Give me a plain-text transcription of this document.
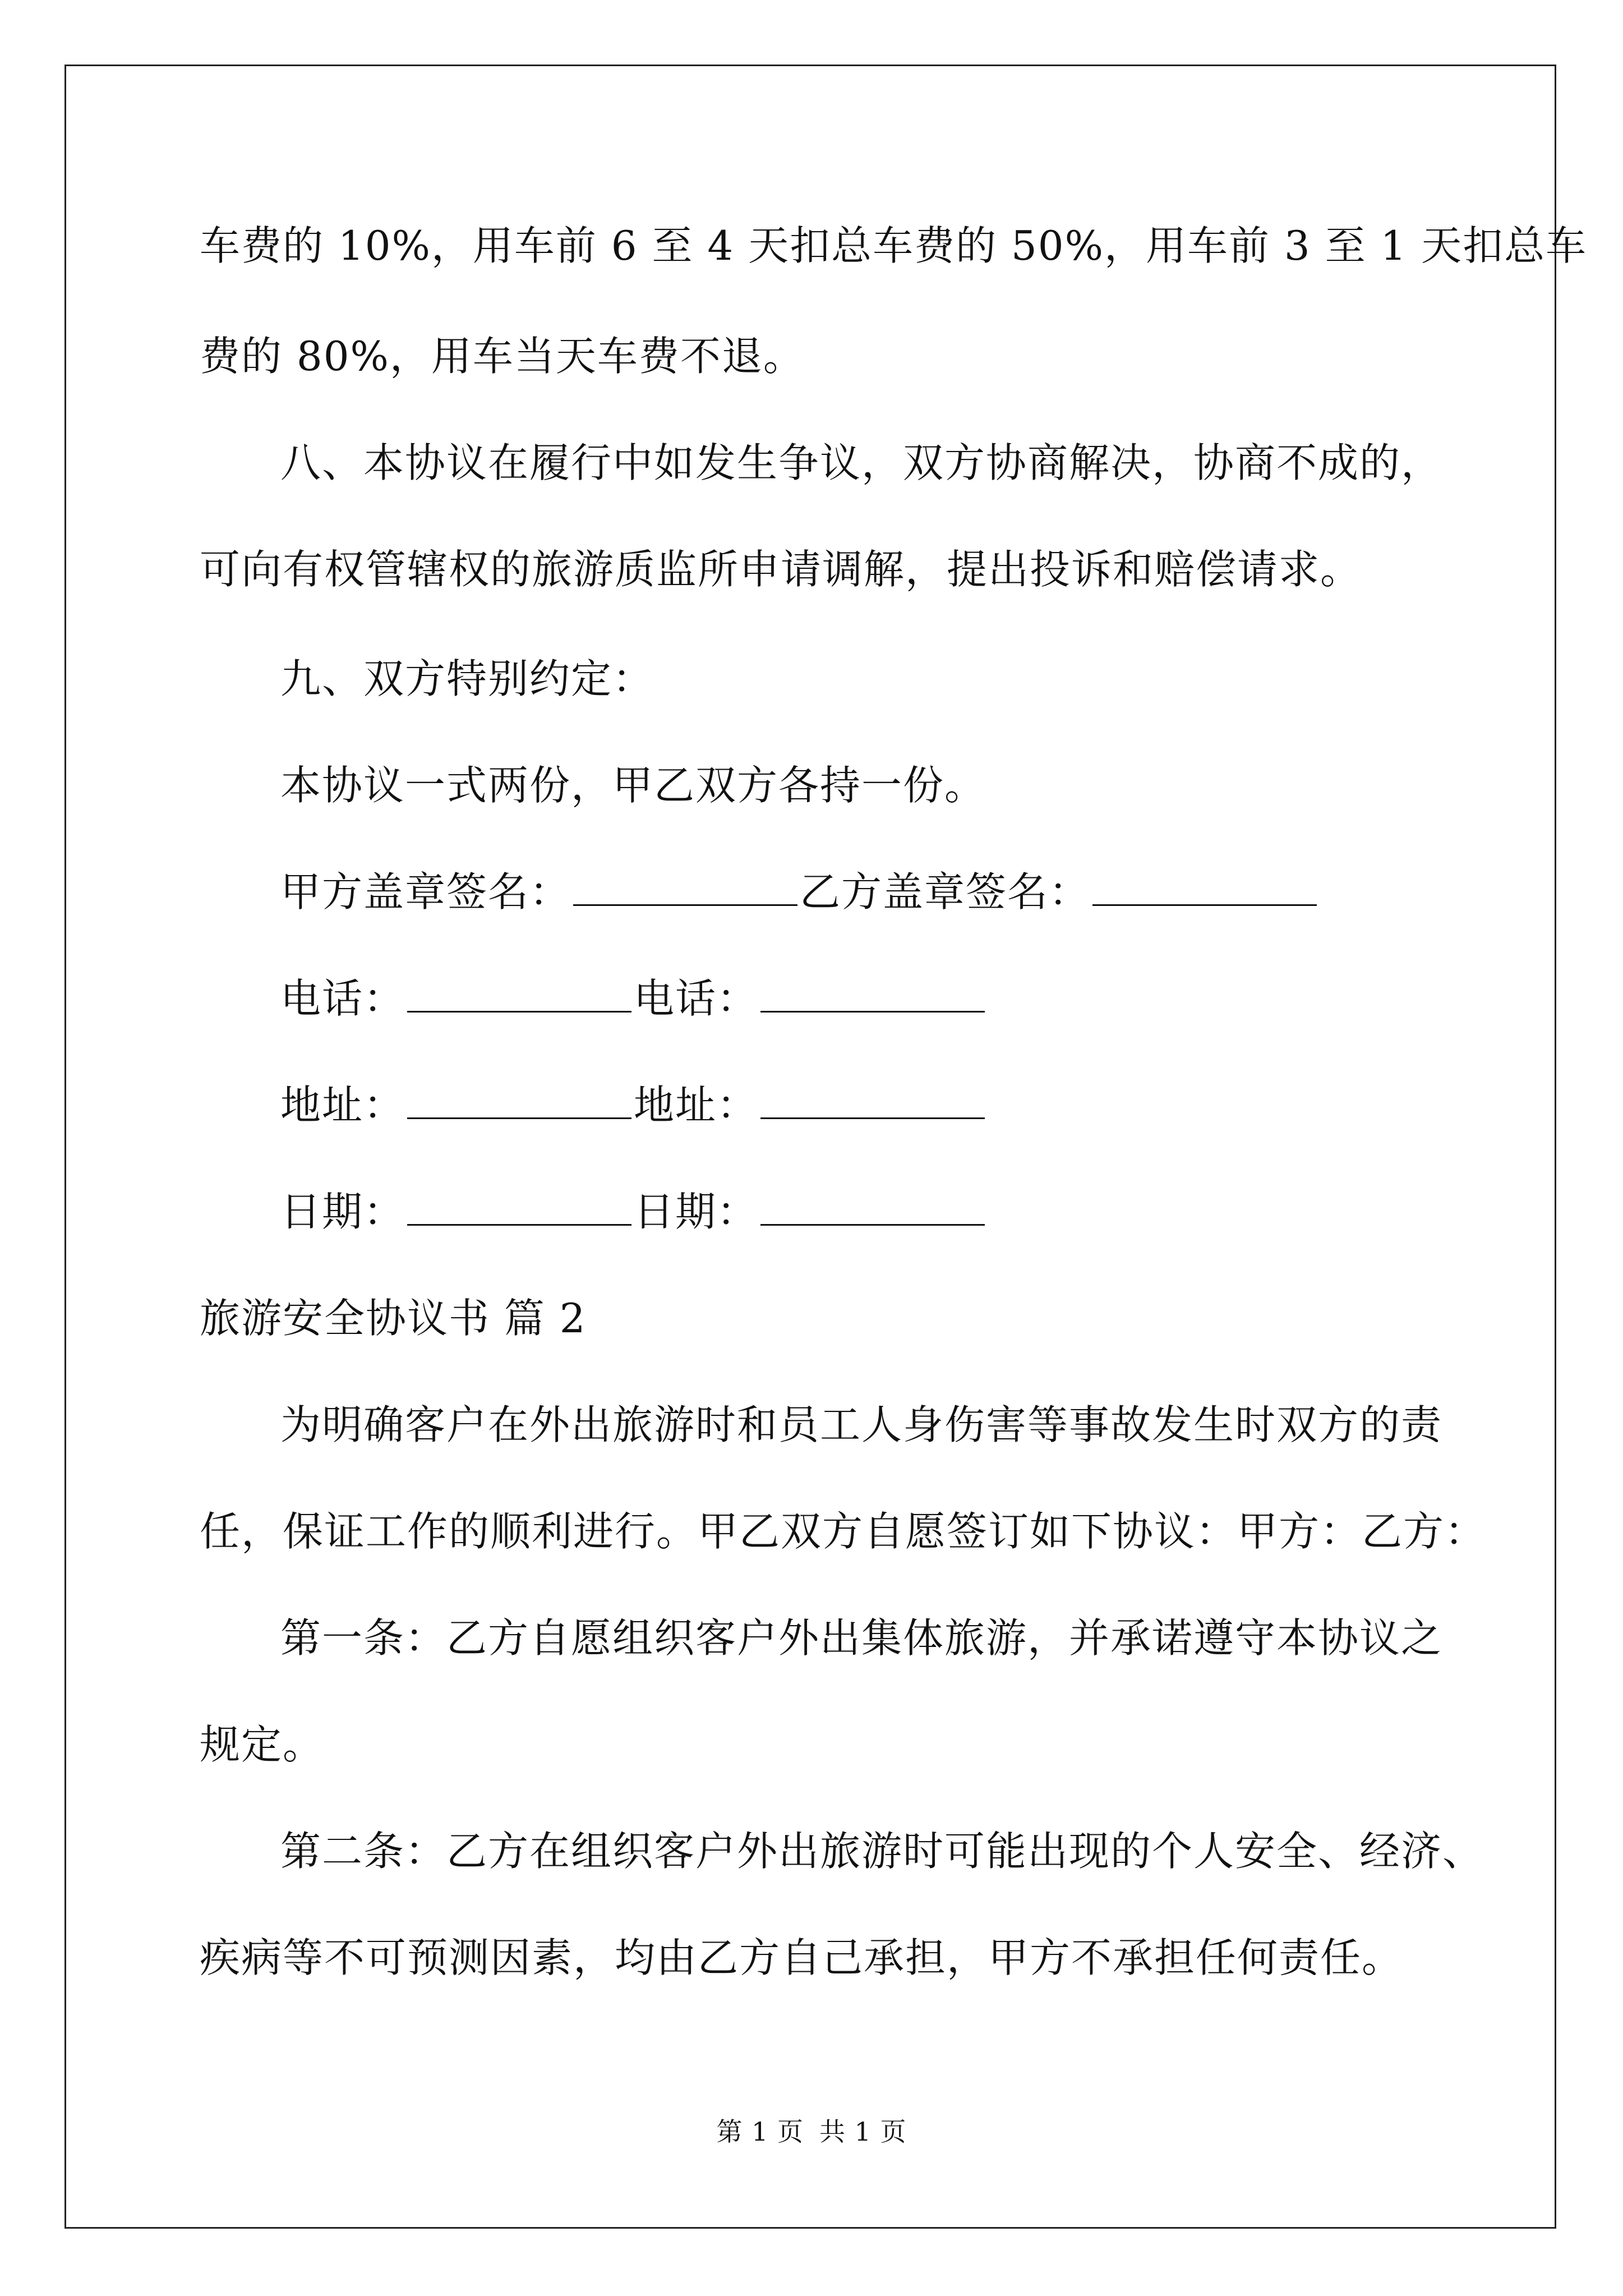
车费的 10%，用车前 6 至 4 天扣总车费的 50%，用车前 3 至 1 天扣总车
费的 80%，用车当天车费不退。
八、本协议在履行中如发生争议，双方协商解决，协商不成的，
可向有权管辖权的旅游质监所申请调解，提出投诉和赔偿请求。
九、双方特别约定：
本协议一式两份，甲乙双方各持一份。
甲方盖章签名：	乙方盖章签名：
电话：	电话：
地址：	地址：
日期：	日期：
旅游安全协议书 篇 2
为明确客户在外出旅游时和员工人身伤害等事故发生时双方的责
任，保证工作的顺利进行。甲乙双方自愿签订如下协议：甲方：乙方：
第一条：乙方自愿组织客户外出集体旅游，并承诺遵守本协议之
规定。
第二条：乙方在组织客户外出旅游时可能出现的个人安全、经济、
疾病等不可预测因素，均由乙方自己承担，甲方不承担任何责任。
第 1 页 共 1 页
